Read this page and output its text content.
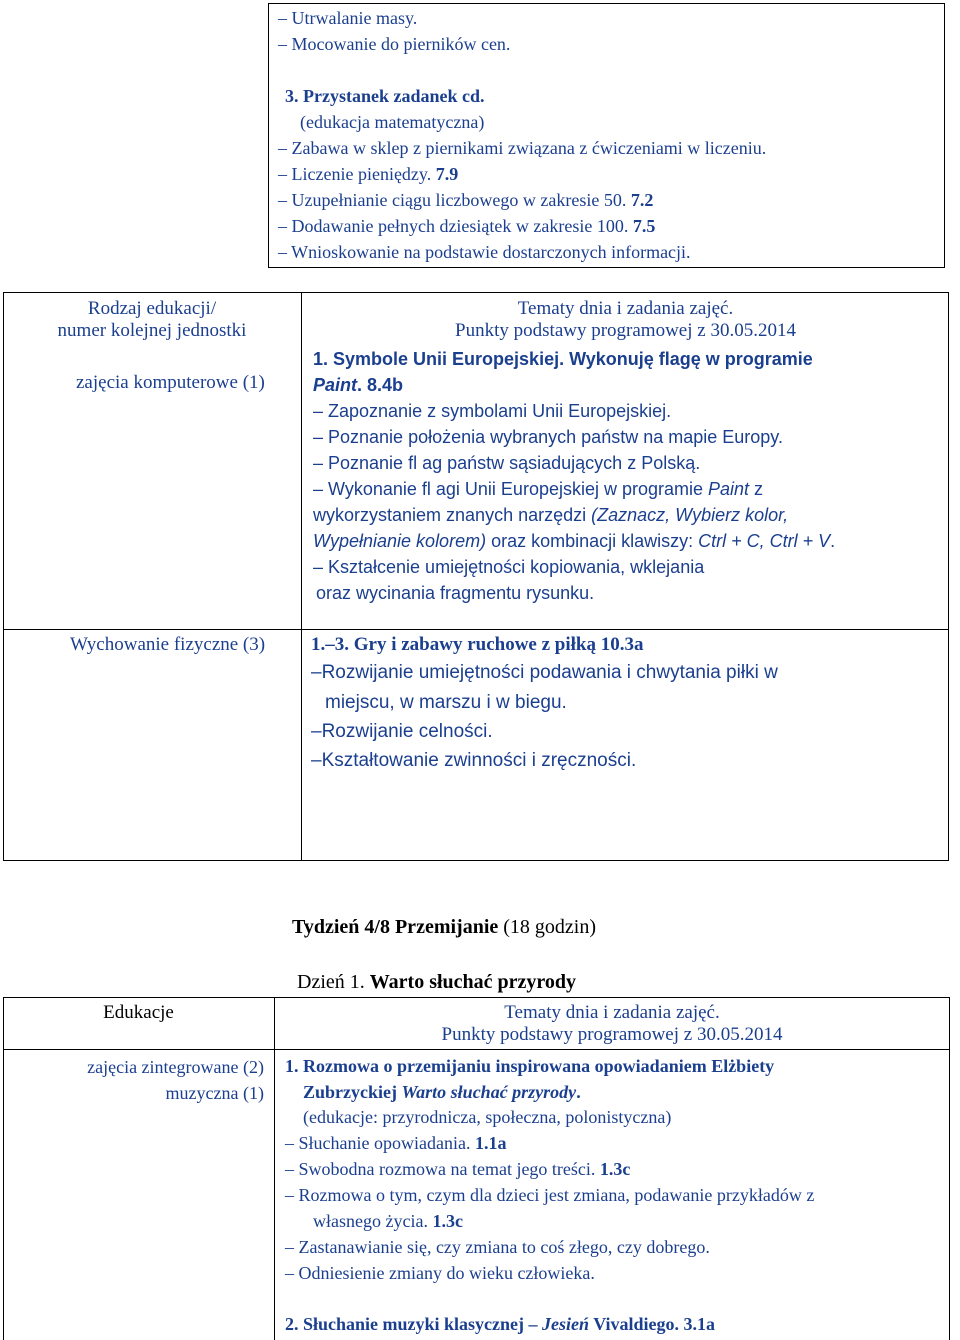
– Utrwalanie masy.
– Mocowanie do pierników cen.
3. Przystanek zadanek cd.
(edukacja matematyczna)
– Zabawa w sklep z piernikami związana z ćwiczeniami w liczeniu.
– Liczenie pieniędzy. 7.9
– Uzupełnianie ciągu liczbowego w zakresie 50. 7.2
– Dodawanie pełnych dziesiątek w zakresie 100. 7.5
– Wnioskowanie na podstawie dostarczonych informacji.
Rodzaj edukacji/
numer kolejnej jednostki
zajęcia komputerowe (1)
Tematy dnia i zadania zajęć.
Punkty podstawy programowej z 30.05.2014
1. Symbole Unii Europejskiej. Wykonuję flagę w programie
Paint. 8.4b
– Zapoznanie z symbolami Unii Europejskiej.
– Poznanie położenia wybranych państw na mapie Europy.
– Poznanie fl ag państw sąsiadujących z Polską.
– Wykonanie fl agi Unii Europejskiej w programie Paint z
wykorzystaniem znanych narzędzi (Zaznacz, Wybierz kolor,
Wypełnianie kolorem) oraz kombinacji klawiszy: Ctrl + C, Ctrl + V.
– Kształcenie umiejętności kopiowania, wklejania
oraz wycinania fragmentu rysunku.
Wychowanie fizyczne (3) 1.–3. Gry i zabawy ruchowe z piłką 10.3a
–Rozwijanie umiejętności podawania i chwytania piłki w
miejscu, w marszu i w biegu.
–Rozwijanie celności.
–Kształtowanie zwinności i zręczności.
Tydzień 4/8 Przemijanie (18 godzin)
Dzień 1. Warto słuchać przyrody
Edukacje
zajęcia zintegrowane (2)
muzyczna (1)
Tematy dnia i zadania zajęć.
Punkty podstawy programowej z 30.05.2014
1. Rozmowa o przemijaniu inspirowana opowiadaniem Elżbiety
Zubrzyckiej Warto słuchać przyrody.
(edukacje: przyrodnicza, społeczna, polonistyczna)
– Słuchanie opowiadania. 1.1a
– Swobodna rozmowa na temat jego treści. 1.3c
– Rozmowa o tym, czym dla dzieci jest zmiana, podawanie przykładów z
własnego życia. 1.3c
– Zastanawianie się, czy zmiana to coś złego, czy dobrego.
– Odniesienie zmiany do wieku człowieka.
2. Słuchanie muzyki klasycznej – Jesień Vivaldiego. 3.1a
